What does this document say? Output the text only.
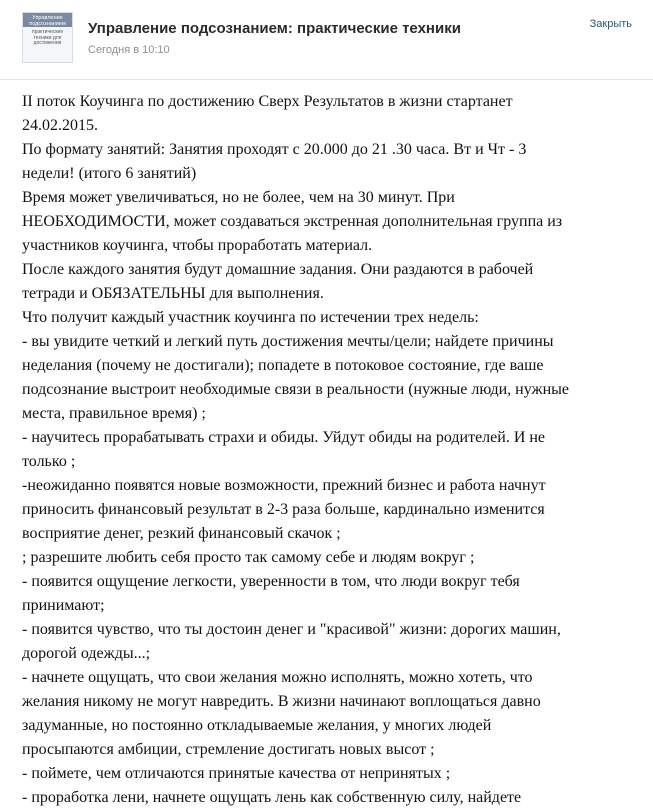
Управление подсознанием
практические техники для достижения
Управление подсознанием: практические техники
Сегодня в 10:10
Закрыть
II поток Коучинга по достижению Сверх Результатов в жизни стартанет
24.02.2015.
По формату занятий: Занятия проходят с 20.000 до 21 .30 часа. Вт и Чт - 3
недели! (итого 6 занятий)
Время может увеличиваться, но не более, чем на 30 минут. При
НЕОБХОДИМОСТИ, может создаваться экстренная дополнительная группа из
участников коучинга, чтобы проработать материал.
После каждого занятия будут домашние задания. Они раздаются в рабочей
тетради и ОБЯЗАТЕЛЬНЫ для выполнения.
Что получит каждый участник коучинга по истечении трех недель:
- вы увидите четкий и легкий путь достижения мечты/цели; найдете причины
неделания (почему не достигали); попадете в потоковое состояние, где ваше
подсознание выстроит необходимые связи в реальности (нужные люди, нужные
места, правильное время) ;
- научитесь прорабатывать страхи и обиды. Уйдут обиды на родителей. И не
только ;
-неожиданно появятся новые возможности, прежний бизнес и работа начнут
приносить финансовый результат в 2-3 раза больше, кардинально изменится
восприятие денег, резкий финансовый скачок ;
; разрешите любить себя просто так самому себе и людям вокруг ;
- появится ощущение легкости, уверенности в том, что люди вокруг тебя
принимают;
- появится чувство, что ты достоин денег и "красивой" жизни: дорогих машин,
дорогой одежды...;
- начнете ощущать, что свои желания можно исполнять, можно хотеть, что
желания никому не могут навредить. В жизни начинают воплощаться давно
задуманные, но постоянно откладываемые желания, у многих людей
просыпаются амбиции, стремление достигать новых высот ;
- поймете, чем отличаются принятые качества от непринятых ;
- проработка лени, начнете ощущать лень как собственную силу, найдете
